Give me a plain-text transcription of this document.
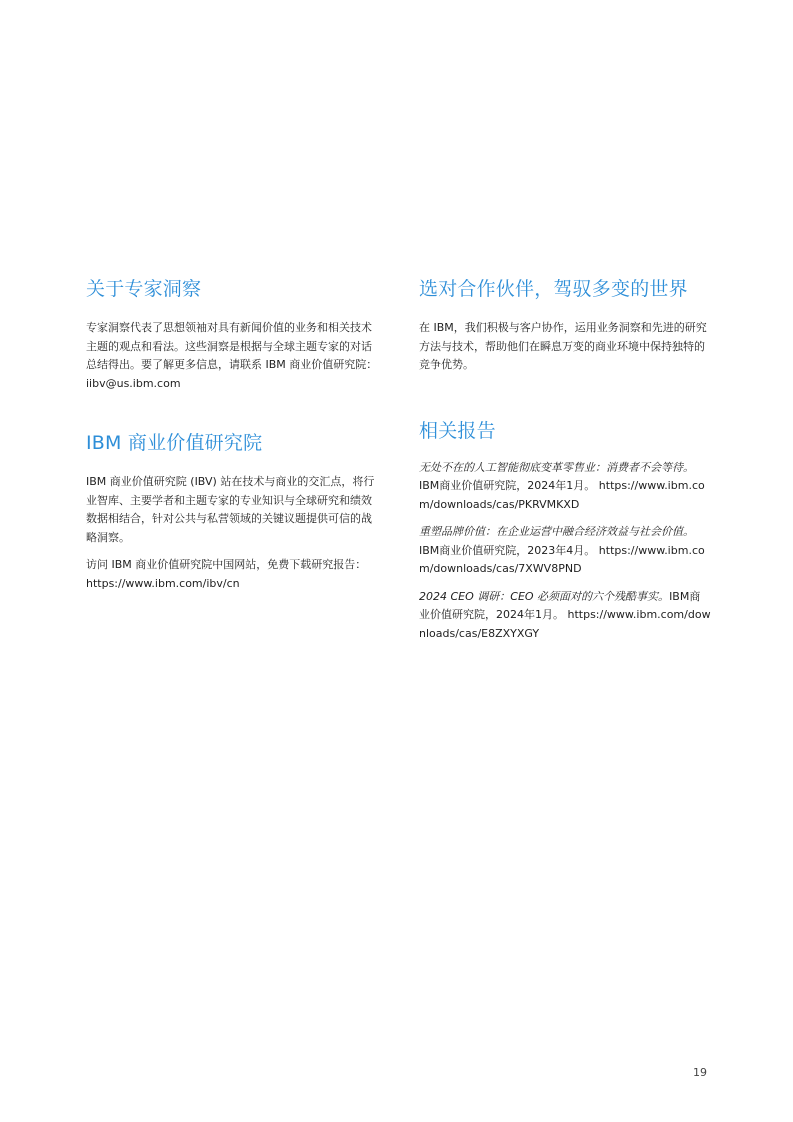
关于专家洞察

专家洞察代表了思想领袖对具有新闻价值的业务和相关技术主题的观点和看法。这些洞察是根据与全球主题专家的对话总结得出。要了解更多信息，请联系 IBM 商业价值研究院：iibv@us.ibm.com

IBM 商业价值研究院

IBM 商业价值研究院 (IBV) 站在技术与商业的交汇点，将行业智库、主要学者和主题专家的专业知识与全球研究和绩效数据相结合，针对公共与私营领域的关键议题提供可信的战略洞察。

访问 IBM 商业价值研究院中国网站，免费下载研究报告：https://www.ibm.com/ibv/cn

选对合作伙伴，驾驭多变的世界

在 IBM，我们积极与客户协作，运用业务洞察和先进的研究方法与技术，帮助他们在瞬息万变的商业环境中保持独特的竞争优势。

相关报告
无处不在的人工智能彻底变革零售业：消费者不会等待。IBM商业价值研究院，2024年1月。 https://www.ibm.com/downloads/cas/PKRVMKXD
重塑品牌价值：在企业运营中融合经济效益与社会价值。IBM商业价值研究院，2023年4月。 https://www.ibm.com/downloads/cas/7XWV8PND
2024 CEO 调研：CEO 必须面对的六个残酷事实。IBM商业价值研究院，2024年1月。 https://www.ibm.com/downloads/cas/E8ZXYXGY
19
